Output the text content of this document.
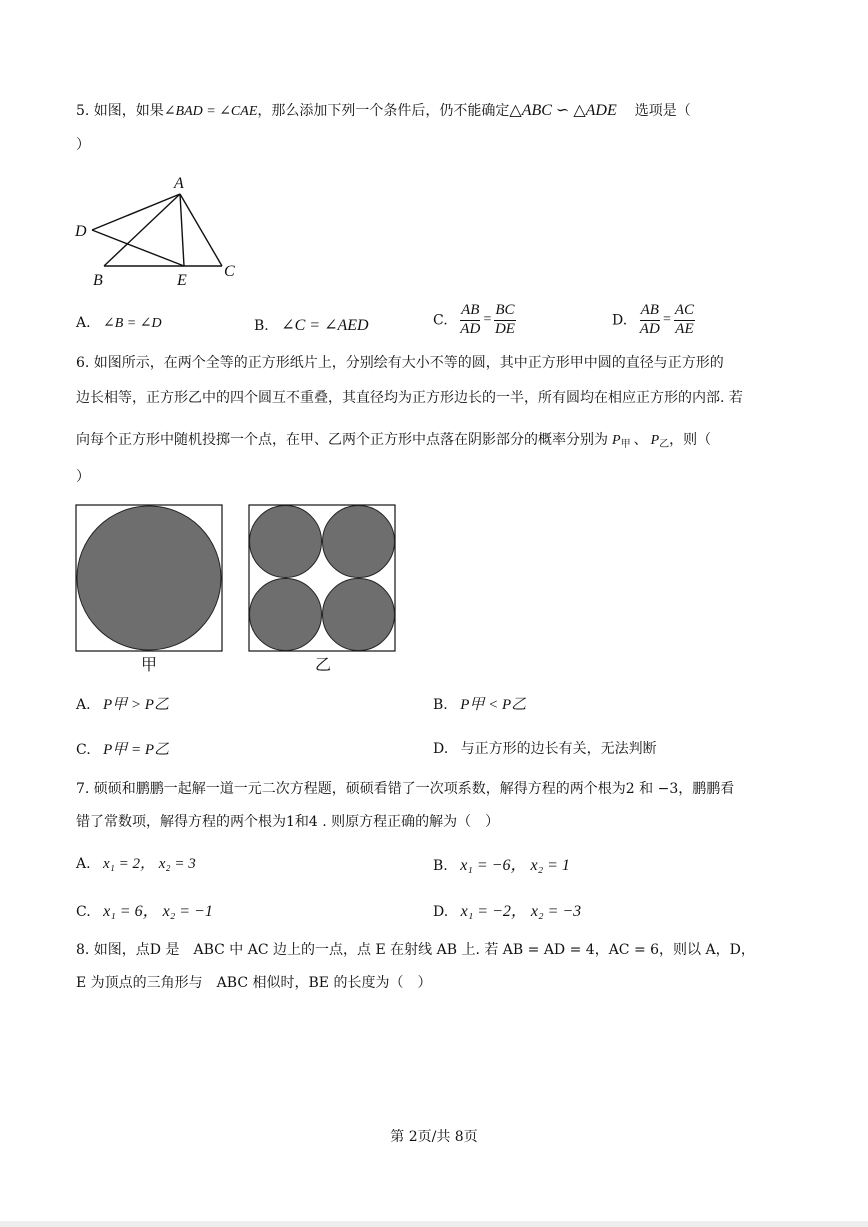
5. 如图，如果∠BAD = ∠CAE，那么添加下列一个条件后，仍不能确定△ABC ∽ △ADE 选项是（
）
A
D
B	E
C
A. ∠B = ∠D	B. ∠C = ∠AED	C. $\frac{AB}{AD} = \frac{BC}{DE}$	D. $\frac{AB}{AD} = \frac{AC}{AE}$
6. 如图所示，在两个全等的正方形纸片上，分别绘有大小不等的圆，其中正方形甲中圆的直径与正方形的
边长相等，正方形乙中的四个圆互不重叠，其直径均为正方形边长的一半，所有圆均在相应正方形的内部. 若
向每个正方形中随机投掷一个点，在甲、乙两个正方形中点落在阴影部分的概率分别为 $P_甲$ 、 $P_乙$，则（
）
甲	乙
A. P甲 > P乙	B. P甲 < P乙
C. P甲 = P乙	D. 与正方形的边长有关，无法判断
7. 硕硕和鹏鹏一起解一道一元二次方程题，硕硕看错了一次项系数，解得方程的两个根为2 和 −3，鹏鹏看
错了常数项，解得方程的两个根为1和4 . 则原方程正确的解为（　）
A. x₁ = 2， x₂ = 3	B. x₁ = −6， x₂ = 1
C. x₁ = 6， x₂ = −1	D. x₁ = −2， x₂ = −3
8. 如图，点D 是　ABC 中 AC 边上的一点，点 E 在射线 AB 上. 若 AB = AD = 4，AC = 6，则以 A，D，
E 为顶点的三角形与　ABC 相似时，BE 的长度为（　）
第 2页/共 8页
